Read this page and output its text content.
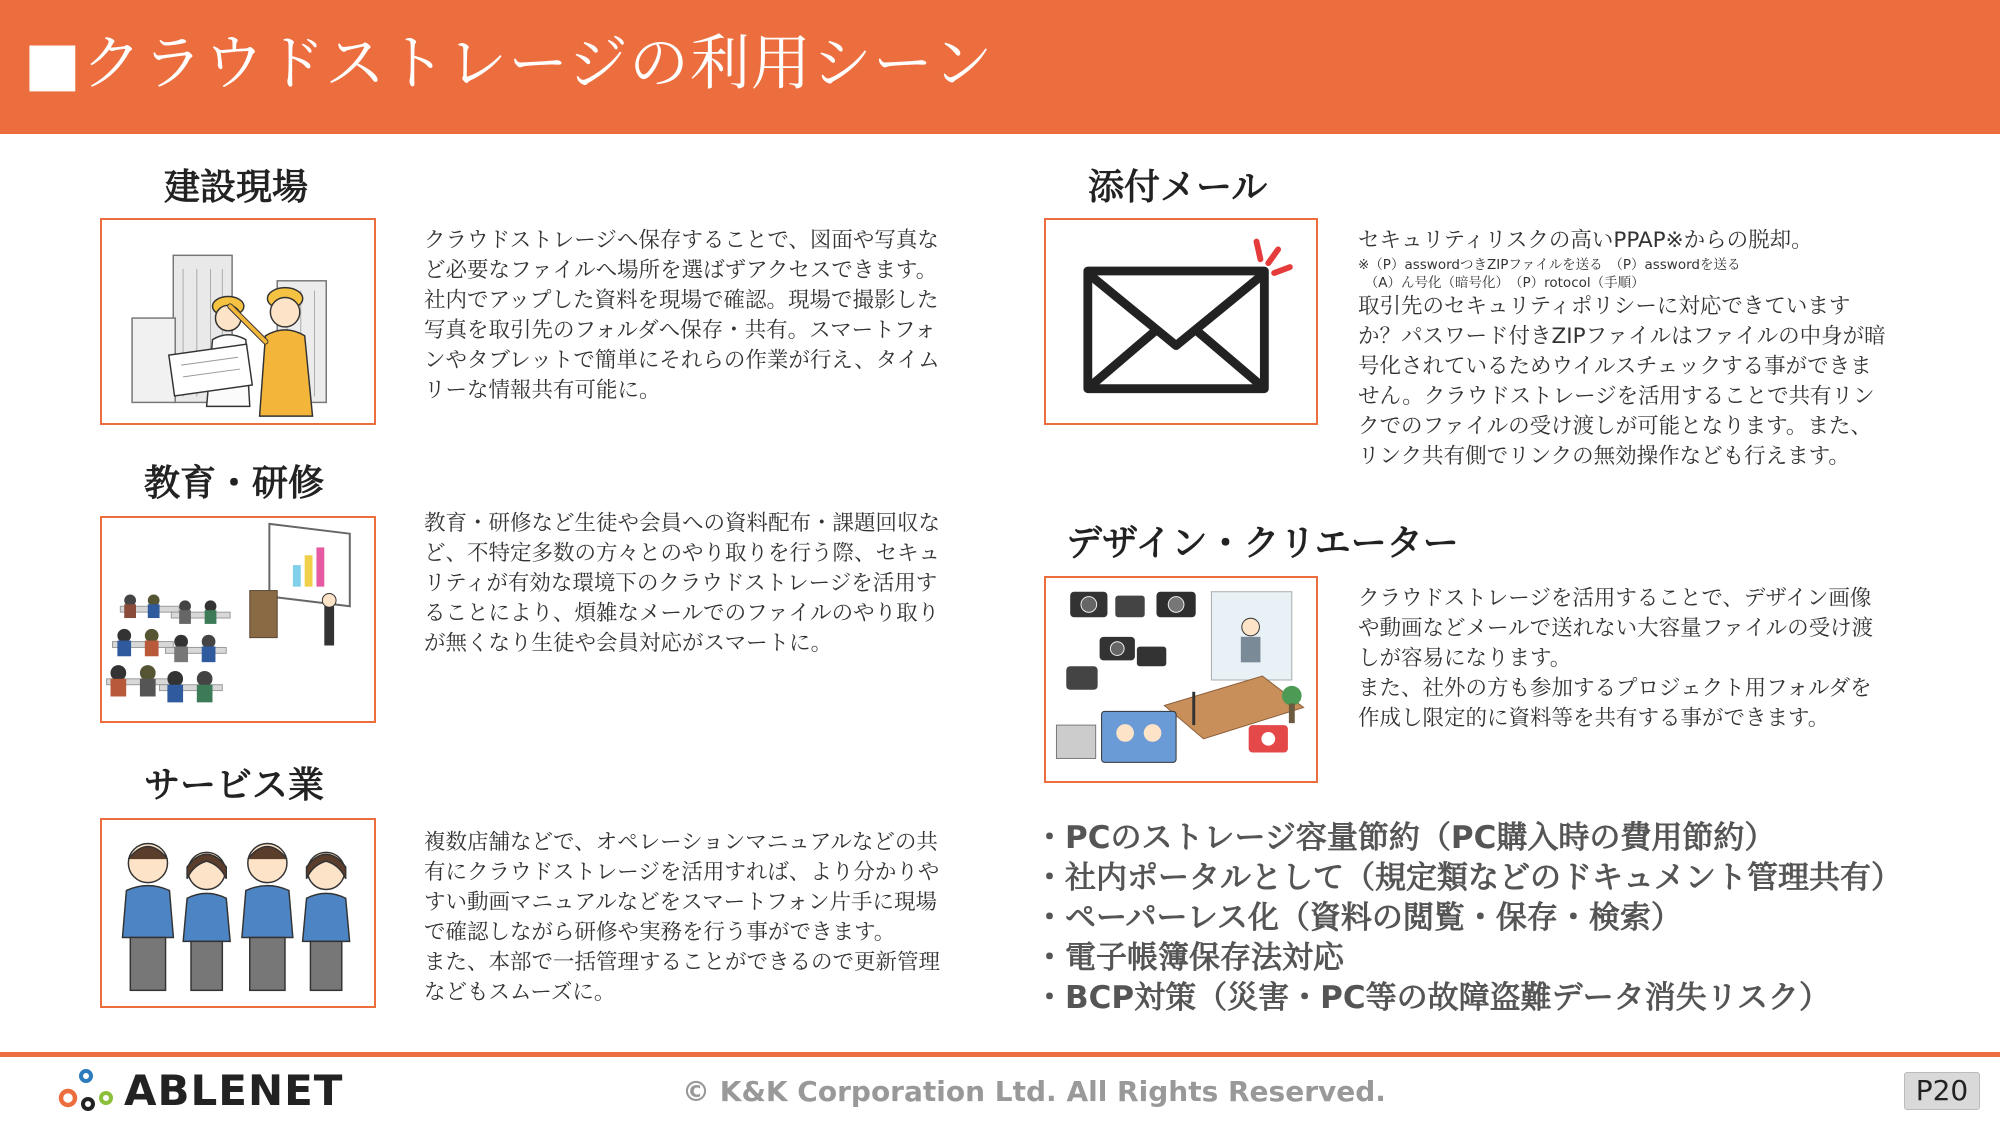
■クラウドストレージの利用シーン
建設現場

クラウドストレージへ保存することで、図面や写真など必要なファイルへ場所を選ばずアクセスできます。

社内でアップした資料を現場で確認。現場で撮影した写真を取引先のフォルダへ保存・共有。スマートフォンやタブレットで簡単にそれらの作業が行え、タイムリーな情報共有可能に。

教育・研修

教育・研修など生徒や会員への資料配布・課題回収など、不特定多数の方々とのやり取りを行う際、セキュリティが有効な環境下のクラウドストレージを活用することにより、煩雑なメールでのファイルのやり取りが無くなり生徒や会員対応がスマートに。

サービス業

複数店舗などで、オペレーションマニュアルなどの共有にクラウドストレージを活用すれば、より分かりやすい動画マニュアルなどをスマートフォン片手に現場で確認しながら研修や実務を行う事ができます。

また、本部で一括管理することができるので更新管理などもスムーズに。

添付メール

セキュリティリスクの高いPPAP※からの脱却。

※（P）asswordつきZIPファイルを送る　（P）asswordを送る
　（A）ん号化（暗号化）　（P）rotocol（手順）

取引先のセキュリティポリシーに対応できていますか？パスワード付きZIPファイルはファイルの中身が暗号化されているためウイルスチェックする事ができません。クラウドストレージを活用することで共有リンクでのファイルの受け渡しが可能となります。また、リンク共有側でリンクの無効操作なども行えます。

デザイン・クリエーター

クラウドストレージを活用することで、デザイン画像や動画などメールで送れない大容量ファイルの受け渡しが容易になります。

また、社外の方も参加するプロジェクト用フォルダを作成し限定的に資料等を共有する事ができます。

・PCのストレージ容量節約（PC購入時の費用節約）
・社内ポータルとして（規定類などのドキュメント管理共有）
・ペーパーレス化（資料の閲覧・保存・検索）
・電子帳簿保存法対応
・BCP対策（災害・PC等の故障盗難データ消失リスク）
ABLENET	© K&K Corporation Ltd. All Rights Reserved.	P20
